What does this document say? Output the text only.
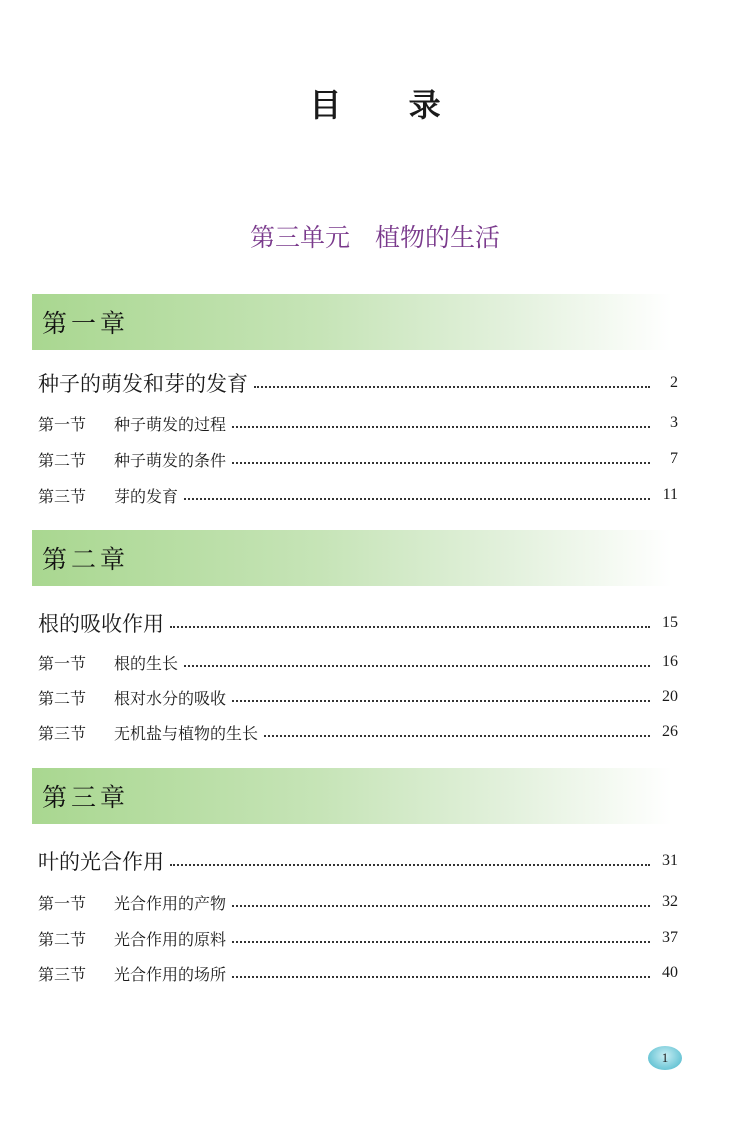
目 录
第三单元　植物的生活
第一章
种子的萌发和芽的发育	2
第一节 种子萌发的过程	3
第二节 种子萌发的条件	7
第三节 芽的发育	11
第二章
根的吸收作用	15
第一节 根的生长	16
第二节 根对水分的吸收	20
第三节 无机盐与植物的生长	26
第三章
叶的光合作用	31
第一节 光合作用的产物	32
第二节 光合作用的原料	37
第三节 光合作用的场所	40
1
